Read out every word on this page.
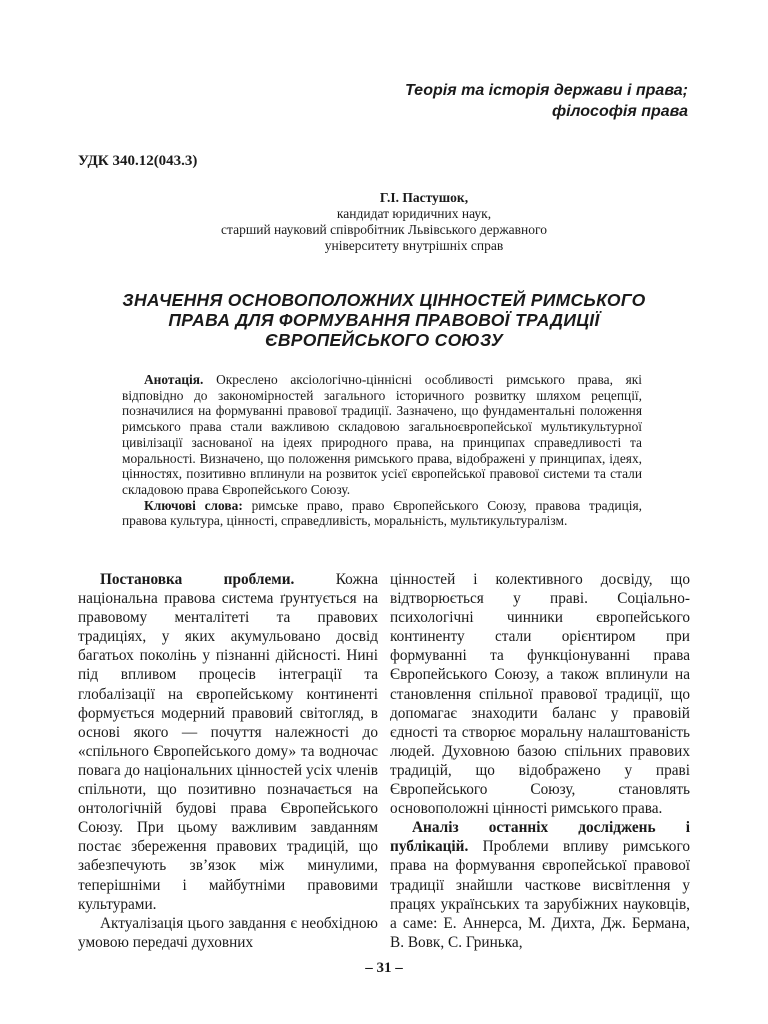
Теорія та історія держави і права;
філософія права
УДК 340.12(043.3)
Г.І. Пастушок,
кандидат юридичних наук,
старший науковий співробітник Львівського державного
університету внутрішніх справ
ЗНАЧЕННЯ ОСНОВОПОЛОЖНИХ ЦІННОСТЕЙ РИМСЬКОГО
ПРАВА ДЛЯ ФОРМУВАННЯ ПРАВОВОЇ ТРАДИЦІЇ
ЄВРОПЕЙСЬКОГО СОЮЗУ

Анотація. Окреслено аксіологічно-ціннісні особливості римського права, які відповідно до закономірностей загального історичного розвитку шляхом рецепції, позначилися на формуванні правової традиції. Зазначено, що фундаментальні положення римського права стали важливою складовою загальноєвропейської мультикультурної цивілізації заснованої на ідеях природного права, на принципах справедливості та моральності. Визначено, що положення римського права, відображені у принципах, ідеях, цінностях, позитивно вплинули на розвиток усієї європейської правової системи та стали складовою права Європейського Союзу.

Ключові слова: римське право, право Європейського Союзу, правова традиція, правова культура, цінності, справедливість, моральність, мультикультуралізм.

Постановка проблеми.	Кожна національна правова система ґрунтується на правовому менталітеті та правових традиціях, у яких акумульовано досвід багатьох поколінь у пізнанні дійсності. Нині під впливом процесів інтеграції та глобалізації на європейському континенті формується модерний правовий світогляд, в основі якого — почуття належності до «спільного Європейського дому» та водночас повага до національних цінностей усіх членів спільноти, що позитивно позначається на онтологічній будові права Європейського Союзу. При цьому важливим завданням постає збереження правових традицій, що забезпечують зв’язок між минулими, теперішніми і майбутніми правовими культурами.

Актуалізація цього завдання є необхідною умовою передачі духовних

цінностей і колективного досвіду, що відтворюється у праві. Соціально-психологічні чинники європейського континенту стали орієнтиром при формуванні та функціонуванні права Європейського Союзу, а також вплинули на становлення спільної правової традиції, що допомагає знаходити баланс у правовій єдності та створює моральну налаштованість людей. Духовною базою спільних правових традицій, що відображено у праві Європейського Союзу, становлять основоположні цінності римського права.

Аналіз останніх досліджень і публікацій. Проблеми впливу римського права на формування європейської правової традиції знайшли часткове висвітлення у працях українських та зарубіжних науковців, а саме: Е. Аннерса, М. Дихта, Дж. Бермана, В. Вовк, С. Гринька,

– 31 –
